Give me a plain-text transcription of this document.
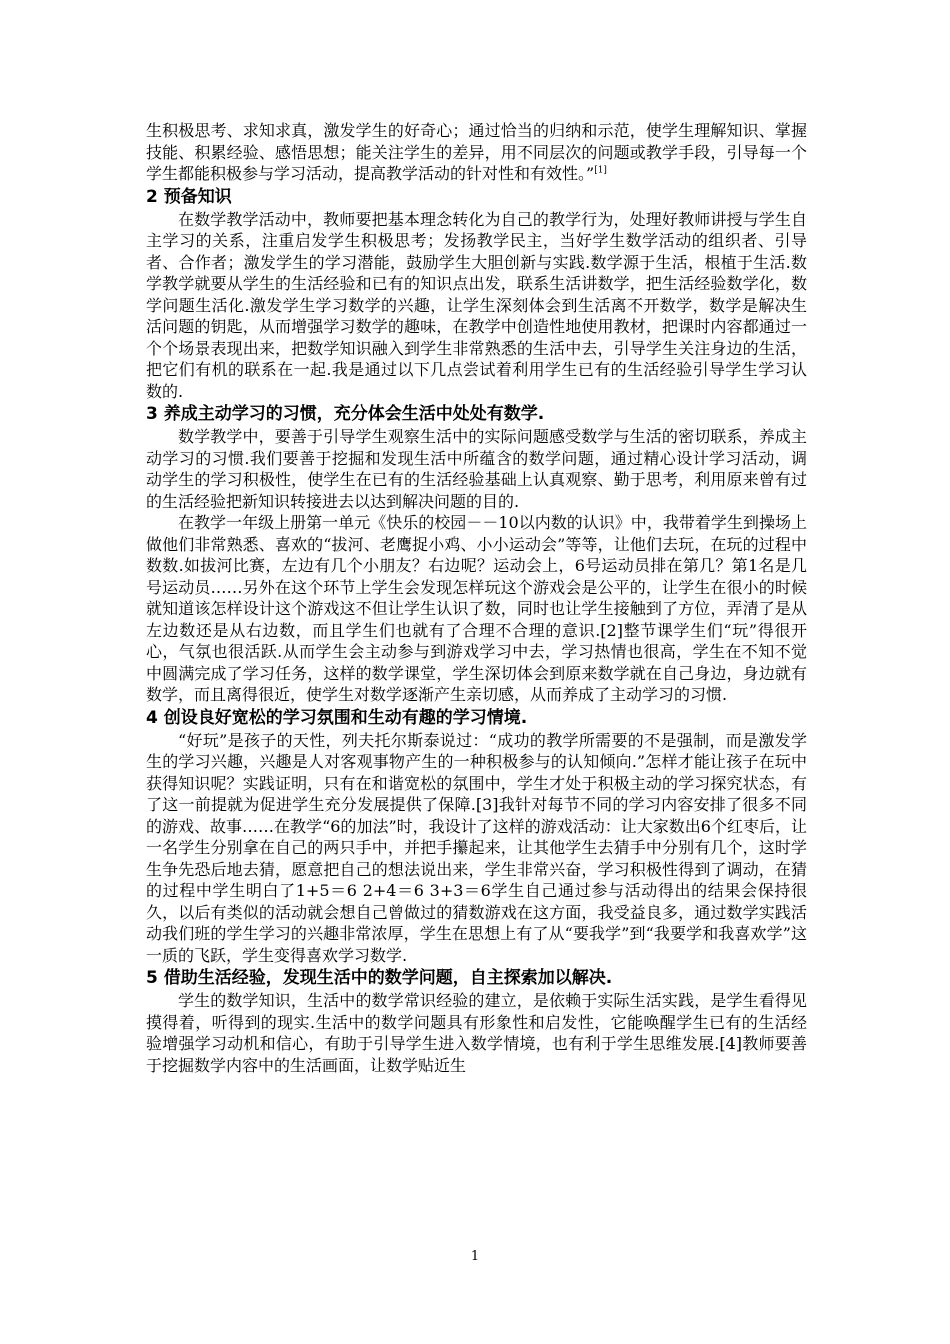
生积极思考、求知求真，激发学生的好奇心；通过恰当的归纳和示范，使学生理解知识、掌握技能、积累经验、感悟思想；能关注学生的差异，用不同层次的问题或教学手段，引导每一个学生都能积极参与学习活动，提高教学活动的针对性和有效性。”[1]

2 预备知识

在数学教学活动中，教师要把基本理念转化为自己的教学行为，处理好教师讲授与学生自主学习的关系，注重启发学生积极思考；发扬教学民主，当好学生数学活动的组织者、引导者、合作者；激发学生的学习潜能，鼓励学生大胆创新与实践.数学源于生活，根植于生活.数学教学就要从学生的生活经验和已有的知识点出发，联系生活讲数学，把生活经验数学化，数学问题生活化.激发学生学习数学的兴趣，让学生深刻体会到生活离不开数学，数学是解决生活问题的钥匙，从而增强学习数学的趣味，在教学中创造性地使用教材，把课时内容都通过一个个场景表现出来，把数学知识融入到学生非常熟悉的生活中去，引导学生关注身边的生活，把它们有机的联系在一起.我是通过以下几点尝试着利用学生已有的生活经验引导学生学习认数的.

3 养成主动学习的习惯，充分体会生活中处处有数学.

数学教学中，要善于引导学生观察生活中的实际问题感受数学与生活的密切联系，养成主动学习的习惯.我们要善于挖掘和发现生活中所蕴含的数学问题，通过精心设计学习活动，调动学生的学习积极性，使学生在已有的生活经验基础上认真观察、勤于思考，利用原来曾有过的生活经验把新知识转接进去以达到解决问题的目的.

在教学一年级上册第一单元《快乐的校园－－10以内数的认识》中，我带着学生到操场上做他们非常熟悉、喜欢的“拔河、老鹰捉小鸡、小小运动会”等等，让他们去玩，在玩的过程中数数.如拔河比赛，左边有几个小朋友？右边呢？运动会上，6号运动员排在第几？第1名是几号运动员……另外在这个环节上学生会发现怎样玩这个游戏会是公平的，让学生在很小的时候就知道该怎样设计这个游戏这不但让学生认识了数，同时也让学生接触到了方位，弄清了是从左边数还是从右边数，而且学生们也就有了合理不合理的意识.[2]整节课学生们“玩”得很开心，气氛也很活跃.从而学生会主动参与到游戏学习中去，学习热情也很高，学生在不知不觉中圆满完成了学习任务，这样的数学课堂，学生深切体会到原来数学就在自己身边，身边就有数学，而且离得很近，使学生对数学逐渐产生亲切感，从而养成了主动学习的习惯.

4 创设良好宽松的学习氛围和生动有趣的学习情境.

“好玩”是孩子的天性，列夫托尔斯泰说过：“成功的教学所需要的不是强制，而是激发学生的学习兴趣，兴趣是人对客观事物产生的一种积极参与的认知倾向.”怎样才能让孩子在玩中获得知识呢？实践证明，只有在和谐宽松的氛围中，学生才处于积极主动的学习探究状态，有了这一前提就为促进学生充分发展提供了保障.[3]我针对每节不同的学习内容安排了很多不同的游戏、故事……在教学“6的加法”时，我设计了这样的游戏活动：让大家数出6个红枣后，让一名学生分别拿在自己的两只手中，并把手攥起来，让其他学生去猜手中分别有几个，这时学生争先恐后地去猜，愿意把自己的想法说出来，学生非常兴奋，学习积极性得到了调动，在猜的过程中学生明白了1+5＝6 2+4＝6 3+3＝6学生自己通过参与活动得出的结果会保持很久，以后有类似的活动就会想自己曾做过的猜数游戏在这方面，我受益良多，通过数学实践活动我们班的学生学习的兴趣非常浓厚，学生在思想上有了从“要我学”到“我要学和我喜欢学”这一质的飞跃，学生变得喜欢学习数学.

5 借助生活经验，发现生活中的数学问题，自主探索加以解决.

学生的数学知识，生活中的数学常识经验的建立，是依赖于实际生活实践，是学生看得见摸得着，听得到的现实.生活中的数学问题具有形象性和启发性，它能唤醒学生已有的生活经验增强学习动机和信心，有助于引导学生进入数学情境，也有利于学生思维发展.[4]教师要善于挖掘数学内容中的生活画面，让数学贴近生

1
